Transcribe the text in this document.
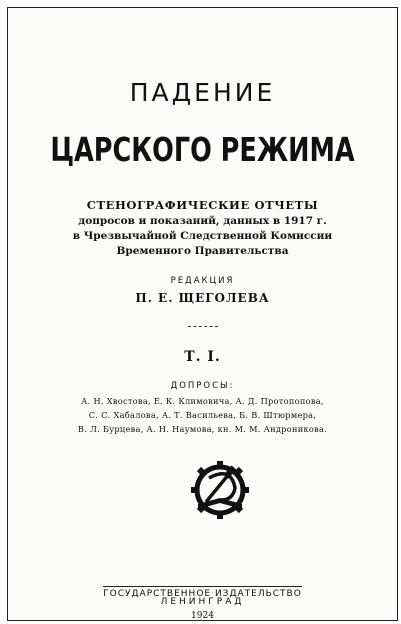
ПАДЕНИЕ
ЦАРСКОГО РЕЖИМА
СТЕНОГРАФИЧЕСКИЕ ОТЧЕТЫ
допросов и показаний, данных в 1917 г.
в Чрезвычайной Следственной Комиссии
Временного Правительства
РЕДАКЦИЯ
П. Е. ЩЕГОЛЕВА
Т. I.
ДОПРОСЫ:
А. Н. Хвостова, Е. К. Климовича, А. Д. Протопопова,
С. С. Хабалова, А. Т. Васильева, Б. В. Штюрмера,
В. Л. Бурцева, А. Н. Наумова, кн. М. М. Андроникова.
ГОСУДАРСТВЕННОЕ ИЗДАТЕЛЬСТВО
ЛЕНИНГРАД
1924
